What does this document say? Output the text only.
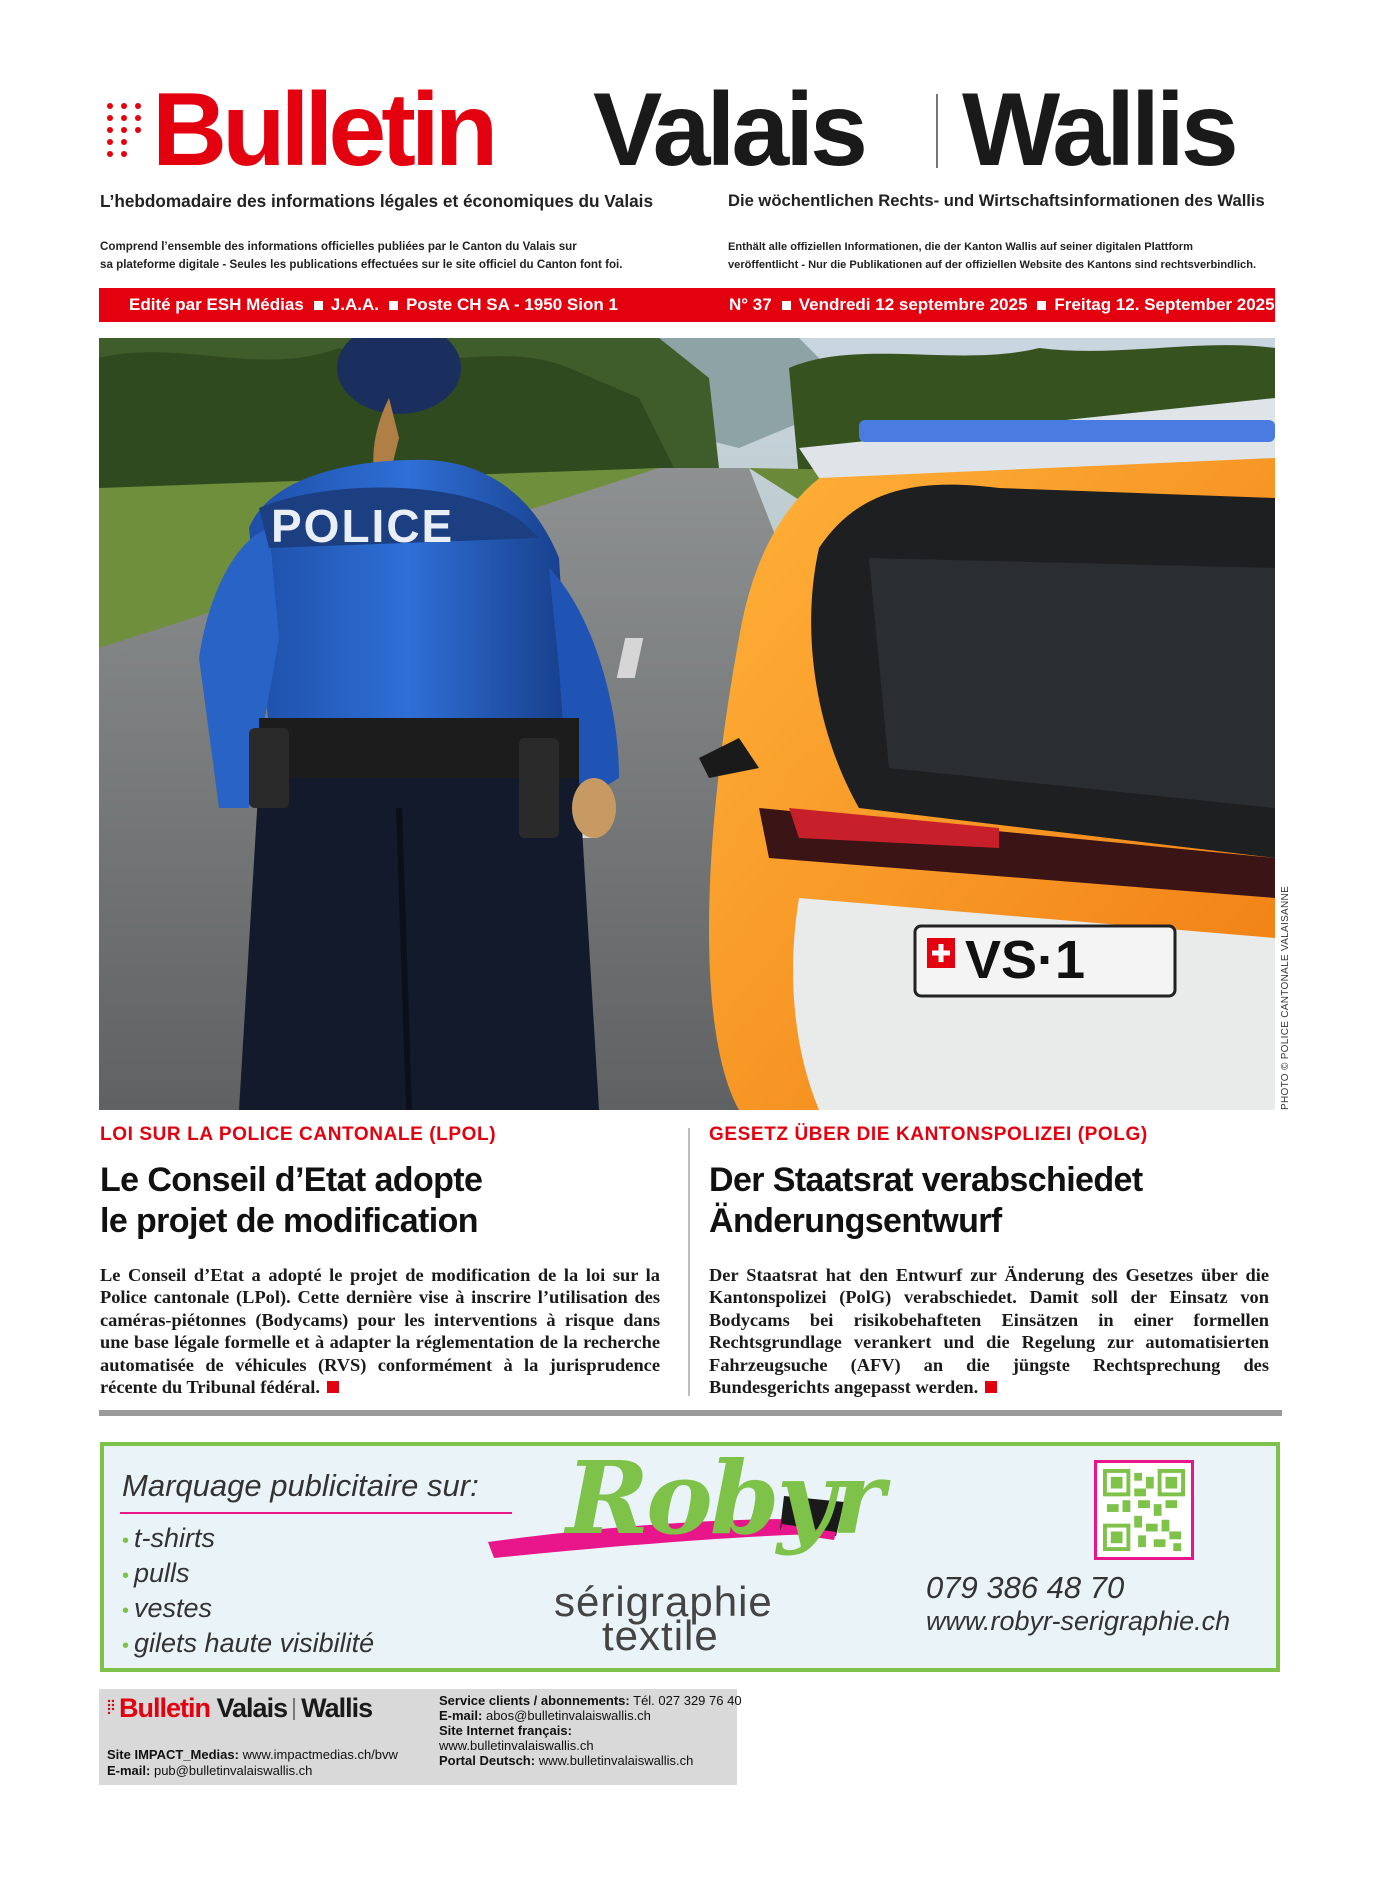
Bulletin Valais Wallis
L’hebdomadaire des informations légales et économiques du Valais	Die wöchentlichen Rechts- und Wirtschaftsinformationen des Wallis
Comprend l’ensemble des informations officielles publiées par le Canton du Valais sur
sa plateforme digitale - Seules les publications effectuées sur le site officiel du Canton font foi.
Enthält alle offiziellen Informationen, die der Kanton Wallis auf seiner digitalen Plattform
veröffentlicht - Nur die Publikationen auf der offiziellen Website des Kantons sind rechtsverbindlich.
Edité par ESH Médias J.A.A. Poste CH SA - 1950 Sion 1	N° 37 Vendredi 12 septembre 2025 Freitag 12. September 2025
VS·1
POLICE
PHOTO © POLICE CANTONALE VALAISANNE
LOI SUR LA POLICE CANTONALE (LPOL)
Le Conseil d’Etat adopte
le projet de modification
Le Conseil d’Etat a adopté le projet de modification de la loi sur la Police cantonale (LPol). Cette dernière vise à inscrire l’utilisation des caméras-piétonnes (Bodycams) pour les interventions à risque dans une base légale formelle et à adapter la réglementation de la recherche automatisée de véhicules (RVS) conformément à la jurisprudence récente du Tribunal fédéral.
GESETZ ÜBER DIE KANTONSPOLIZEI (POLG)
Der Staatsrat verabschiedet
Änderungsentwurf
Der Staatsrat hat den Entwurf zur Änderung des Gesetzes über die Kantonspolizei (PolG) verabschiedet. Damit soll der Einsatz von Bodycams bei risikobehafteten Einsätzen in einer formellen Rechtsgrundlage verankert und die Regelung zur automatisierten Fahrzeugsuche (AFV) an die jüngste Rechtsprechung des Bundesgerichts angepasst werden.
Marquage publicitaire sur:
• t-shirts
• pulls
• vestes
• gilets haute visibilité
Robyr
sérigraphie
textile
079 386 48 70
www.robyr-serigraphie.ch
Bulletin Valais Wallis
Site IMPACT_Medias: www.impactmedias.ch/bvw
E-mail: pub@bulletinvalaiswallis.ch
Service clients / abonnements: Tél. 027 329 76 40
E-mail: abos@bulletinvalaiswallis.ch
Site Internet français:
www.bulletinvalaiswallis.ch
Portal Deutsch: www.bulletinvalaiswallis.ch
